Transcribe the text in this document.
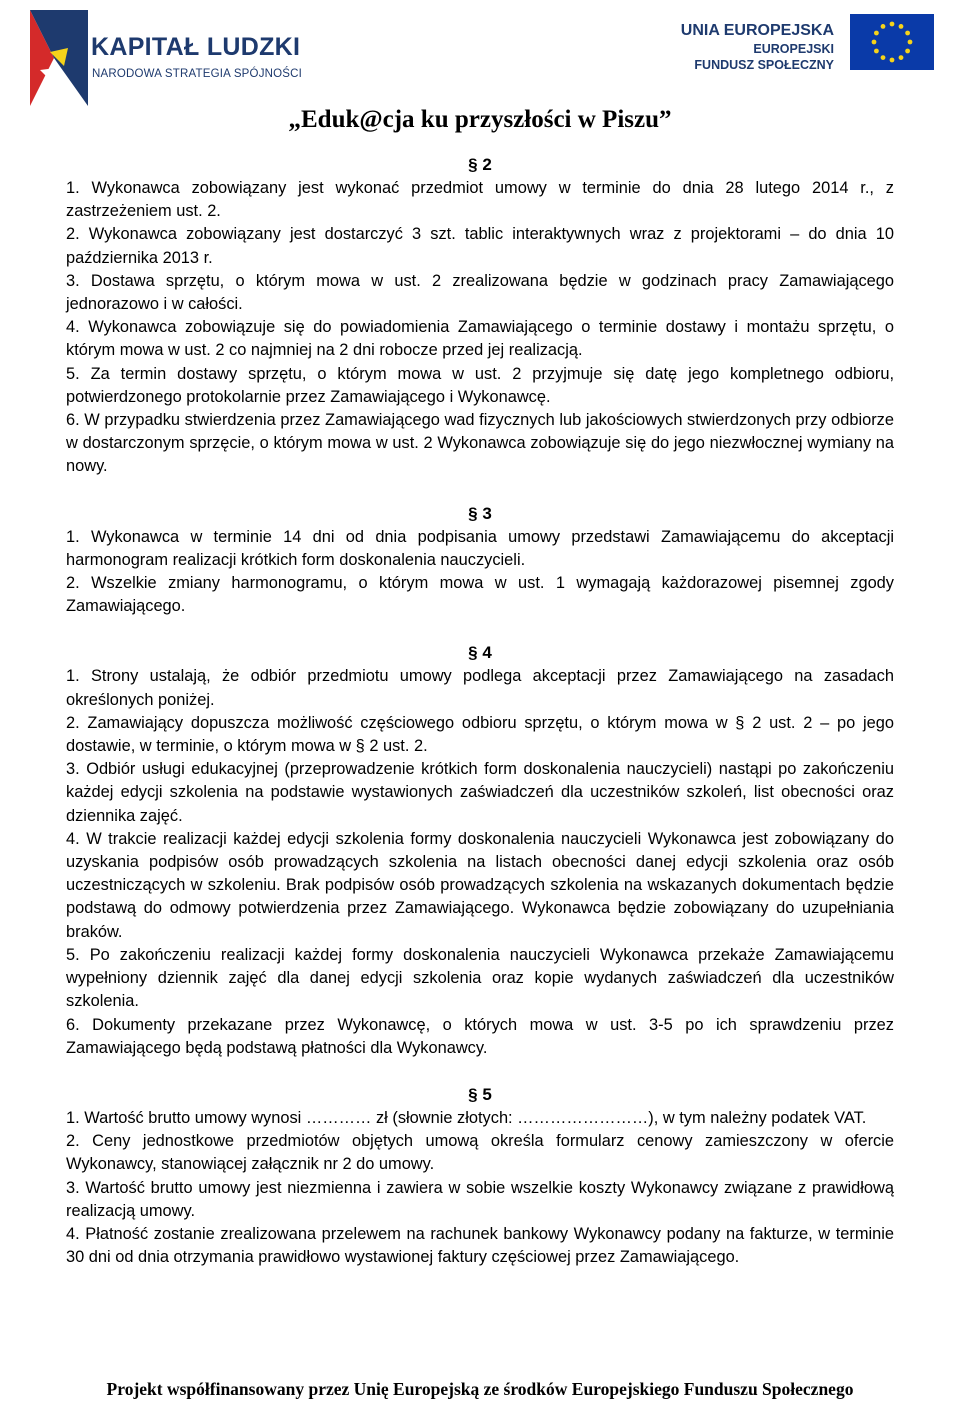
KAPITAŁ LUDZKI
NARODOWA STRATEGIA SPÓJNOŚCI
UNIA EUROPEJSKA
EUROPEJSKI
FUNDUSZ SPOŁECZNY
„Eduk@cja ku przyszłości w Piszu”

§ 2

1. Wykonawca zobowiązany jest wykonać przedmiot umowy w terminie do dnia 28 lutego 2014 r., z zastrzeżeniem ust. 2.

2. Wykonawca zobowiązany jest dostarczyć 3 szt. tablic interaktywnych wraz z projektorami – do dnia 10 października 2013 r.

3. Dostawa sprzętu, o którym mowa w ust. 2 zrealizowana będzie w godzinach pracy Zamawiającego jednorazowo i w całości.

4. Wykonawca zobowiązuje się do powiadomienia Zamawiającego o terminie dostawy i montażu sprzętu, o którym mowa w ust. 2 co najmniej na 2 dni robocze przed jej realizacją.

5. Za termin dostawy sprzętu, o którym mowa w ust. 2 przyjmuje się datę jego kompletnego odbioru, potwierdzonego protokolarnie przez Zamawiającego i Wykonawcę.

6. W przypadku stwierdzenia przez Zamawiającego wad fizycznych lub jakościowych stwierdzonych przy odbiorze w dostarczonym sprzęcie, o którym mowa w ust. 2 Wykonawca zobowiązuje się do jego niezwłocznej wymiany na nowy.

§ 3

1. Wykonawca w terminie 14 dni od dnia podpisania umowy przedstawi Zamawiającemu do akceptacji harmonogram realizacji krótkich form doskonalenia nauczycieli.

2. Wszelkie zmiany harmonogramu, o którym mowa w ust. 1 wymagają każdorazowej pisemnej zgody Zamawiającego.

§ 4

1. Strony ustalają, że odbiór przedmiotu umowy podlega akceptacji przez Zamawiającego na zasadach określonych poniżej.

2. Zamawiający dopuszcza możliwość częściowego odbioru sprzętu, o którym mowa w § 2 ust. 2 – po jego dostawie, w terminie, o którym mowa w § 2 ust. 2.

3. Odbiór usługi edukacyjnej (przeprowadzenie krótkich form doskonalenia nauczycieli) nastąpi po zakończeniu każdej edycji szkolenia na podstawie wystawionych zaświadczeń dla uczestników szkoleń, list obecności oraz dziennika zajęć.

4. W trakcie realizacji każdej edycji szkolenia formy doskonalenia nauczycieli Wykonawca jest zobowiązany do uzyskania podpisów osób prowadzących szkolenia na listach obecności danej edycji szkolenia oraz osób uczestniczących w szkoleniu. Brak podpisów osób prowadzących szkolenia na wskazanych dokumentach będzie podstawą do odmowy potwierdzenia przez Zamawiającego. Wykonawca będzie zobowiązany do uzupełniania braków.

5. Po zakończeniu realizacji każdej formy doskonalenia nauczycieli Wykonawca przekaże Zamawiającemu wypełniony dziennik zajęć dla danej edycji szkolenia oraz kopie wydanych zaświadczeń dla uczestników szkolenia.

6. Dokumenty przekazane przez Wykonawcę, o których mowa w ust. 3-5 po ich sprawdzeniu przez Zamawiającego będą podstawą płatności dla Wykonawcy.

§ 5

1. Wartość brutto umowy wynosi ………… zł (słownie złotych: ……………………), w tym należny podatek VAT.

2. Ceny jednostkowe przedmiotów objętych umową określa formularz cenowy zamieszczony w ofercie Wykonawcy, stanowiącej załącznik nr 2 do umowy.

3. Wartość brutto umowy jest niezmienna i zawiera w sobie wszelkie koszty Wykonawcy związane z prawidłową realizacją umowy.

4. Płatność zostanie zrealizowana przelewem na rachunek bankowy Wykonawcy podany na fakturze, w terminie 30 dni od dnia otrzymania prawidłowo wystawionej faktury częściowej przez Zamawiającego.

Projekt współfinansowany przez Unię Europejską ze środków Europejskiego Funduszu Społecznego
